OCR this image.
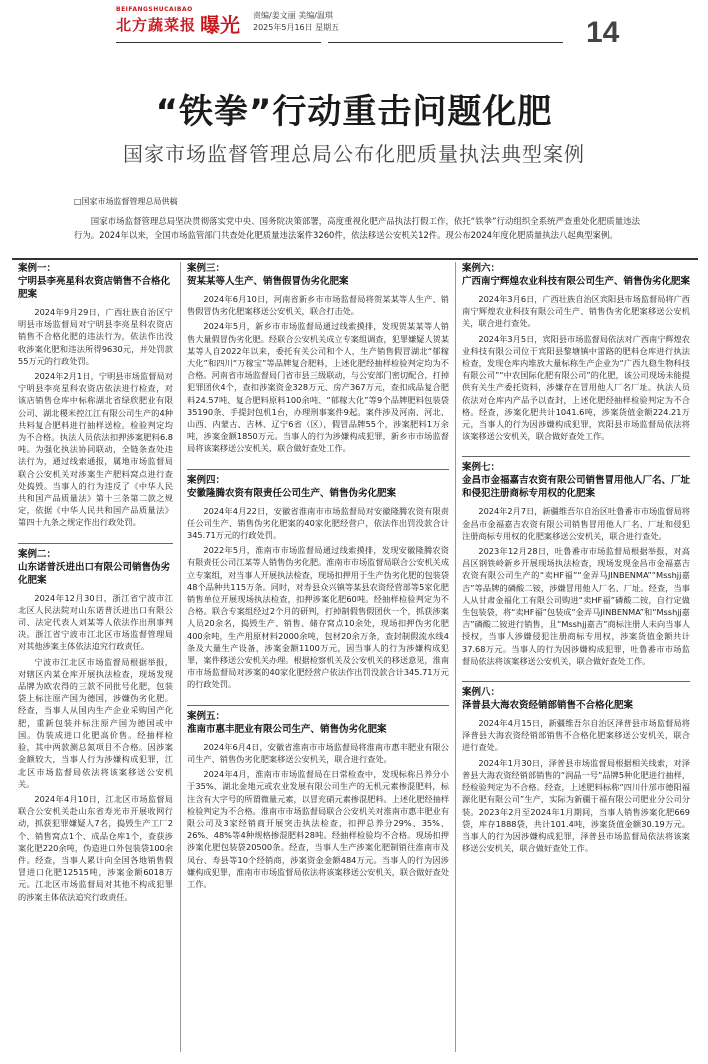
BEIFANGSHUCAIBAO
北方蔬菜报 曝光 责编/姜文丽 美编/温琪
2025年5月16日 星期五	14
“铁拳”行动重击问题化肥
国家市场监督管理总局公布化肥质量执法典型案例
□国家市场监督管理总局供稿
国家市场监督管理总局坚决贯彻落实党中央、国务院决策部署，高度重视化肥产品执法打假工作，依托“铁拳”行动组织全系统严查重处化肥质量违法行为。2024年以来，全国市场监管部门共查处化肥质量违法案件3260件，依法移送公安机关12件。现公布2024年度化肥质量执法八起典型案例。
案例一：
宁明县李亮星科农资店销售不合格化肥案

2024年9月29日，广西壮族自治区宁明县市场监督局对宁明县李亮星科农资店销售不合格化肥的违法行为，依法作出没收涉案化肥和违法所得9630元，并处罚款55万元的行政处罚。

2024年2月1日，宁明县市场监督局对宁明县李亮星科农资店依法进行检查，对该店销售仓库中标称湖北省绿欣肥业有限公司、湖北稷米控江江有限公司生产的4种共料复合肥料进行抽样送检。检验判定均为不合格。执法人员依法扣押涉案肥料6.8吨。为强化执法协同联动，全链条查处违法行为，通过线索通报，属地市场监督局联合公安机关对涉案生产肥料窝点进行查处捣毁。当事人的行为违反了《中华人民共和国产品质量法》第十三条第二款之规定，依据《中华人民共和国产品质量法》第四十九条之规定作出行政处罚。

案例二：
山东诺普沃进出口有限公司销售伪劣化肥案

2024年12月30日，浙江省宁波市江北区人民法院对山东诺普沃进出口有限公司、法定代表人刘某等人依法作出刑事判决。浙江省宁波市江北区市场监督管理局对其他涉案主体依法追究行政责任。

宁波市江北区市场监督局根据举报，对辖区内某仓库开展执法检查，现场发现品牌为欧农得的三款不同批号化肥，包装袋上标注原产国为德国，涉嫌伪劣化肥。经查，当事人从国内生产企业采购国产化肥，重新包装并标注原产国为德国或中国。伪装成进口化肥高价售。经抽样检验，其中两款测总氮项目不合格。因涉案金额较大，当事人行为涉嫌构成犯罪，江北区市场监督局依法将该案移送公安机关。

2024年4月10日，江北区市场监督局联合公安机关赴山东省寿光市开展收网行动，抓获犯罪嫌疑人7名，捣毁生产工厂2个、销售窝点1个、成品仓库1个，查获涉案化肥220余吨，伪造进口外包装袋100余件。经查，当事人累计向全国各地销售假冒进口化肥12515吨，涉案金额6018万元。江北区市场监督局对其他不构成犯罪的涉案主体依法追究行政责任。

案例三：
贺某某等人生产、销售假冒伪劣化肥案

2024年6月10日，河南省新乡市市场监督局将贺某某等人生产、销售假冒伪劣化肥案移送公安机关，联合打击处。

2024年5月，新乡市市场监督局通过线索摸排，发现贺某某等人销售大量假冒伪劣化肥。经联合公安机关成立专案组调查，犯罪嫌疑人贺某某等人自2022年以来，委托有关公司和个人，生产销售假冒湖北“郁稼大化”和四川“万稼宝”等品牌复合肥料，上述化肥经抽样检验判定均为不合格。河南省市场监督局门省市县三级联动，与公安部门密切配合，打掉犯罪团伙4个，查扣涉案资金328万元、房产367万元，查扣成品复合肥料24.57吨、复合肥料原料100余吨、“郁稼大化”等9个品牌肥料包装袋35190条、手提封包机1台，办理刑事案件9起。案件涉及河南、河北、山西、内蒙古、吉林、辽宁6省（区），假冒品牌55个，涉案肥料1万余吨，涉案金额1850万元。当事人的行为涉嫌构成犯罪，新乡市市场监督局将该案移送公安机关，联合做好查处工作。

案例四：
安徽隆腾农资有限责任公司生产、销售伪劣化肥案

2024年4月22日，安徽省淮南市市场监督局对安徽隆腾农资有限责任公司生产、销售伪劣化肥案的40家化肥经营户，依法作出罚没款合计345.71万元的行政处罚。

2022年5月，淮南市市场监督局通过线索摸排，发现安徽隆腾农资有限责任公司江某等人销售伪劣化肥。淮南市市场监督局联合公安机关成立专案组，对当事人开展执法检查，现场扣押用于生产伪劣化肥的包装袋48个品种共115万条。同时，对寿县众兴镇等某县农资经营部等5家化肥销售单位开展现场执法检查，扣押涉案化肥60吨。经抽样检验判定为不合格。联合专案组经过2个月的研判，打掉制假售假团伙一个，抓获涉案人员20余名，捣毁生产、销售、储存窝点10余处，现场扣押伪劣化肥400余吨，生产用原材料2000余吨，包材20余万条，查封制假流水线4条及大量生产设备，涉案金额1100万元，因当事人的行为涉嫌构成犯罪，案件移送公安机关办理。根据检察机关及公安机关的移送意见，淮南市市场监督局对涉案的40家化肥经营户依法作出罚没款合计345.71万元的行政处罚。

案例五：
淮南市惠丰肥业有限公司生产、销售伪劣化肥案

2024年6月4日，安徽省淮南市市场监督局将淮南市惠丰肥业有限公司生产、销售伪劣化肥案移送公安机关，联合进行查处。

2024年4月，淮南市市场监督局在日常检查中，发现标称吕养分小于35%、湖北金地元或农业发展有限公司生产的无机元素掺混肥料，标注含有大字号的所谓微量元素，以冒充硝元素掺混肥料。上述化肥经抽样检验判定为不合格。淮南市市场监督局联合公安机关对淮南市惠丰肥业有限公司及3家经销商开展突击执法检查，扣押总养分29%、35%、26%、48%等4种规格掺混肥料28吨。经抽样检验均不合格。现场扣押涉案化肥包装袋20500条。经查，当事人生产涉案化肥制销往淮南市及凤台、寿县等10个经销商，涉案资金金额484万元。当事人的行为因涉嫌构成犯罪，淮南市市场监督局依法将该案移送公安机关，联合做好查处工作。

案例六：
广西南宁辉煌农业科技有限公司生产、销售伪劣化肥案

2024年3月6日，广西壮族自治区宾阳县市场监督局将广西南宁辉煌农业科技有限公司生产、销售伪劣化肥案移送公安机关，联合进行查处。

2024年3月5日，宾阳县市场监督局依法对广西南宁辉煌农业科技有限公司位于宾阳县黎塘镇中雷路的肥料仓库进行执法检查，发现仓库内堆放大量标称生产企业为“广西九稳生物科技有限公司”“中农国际化肥有限公司”的化肥，该公司现场未能提供有关生产委托资料，涉嫌存在冒用他人厂名厂址。执法人员依法对仓库内产品予以查封，上述化肥经抽样检验判定为不合格。经查，涉案化肥共计1041.6吨，涉案货值金额224.21万元，当事人的行为因涉嫌构成犯罪，宾阳县市场监督局依法将该案移送公安机关，联合做好查处工作。

案例七：
金昌市金福嘉吉农资有限公司销售冒用他人厂名、厂址和侵犯注册商标专用权的化肥案

2024年2月7日，新疆维吾尔自治区吐鲁番市市场监督局将金昌市金福嘉吉农资有限公司销售冒用他人厂名、厂址和侵犯注册商标专用权的化肥案移送公安机关，联合进行查处。

2023年12月28日，吐鲁番市市场监督局根据举报，对高昌区钢铁岭新乡开展现场执法检查，现场发现金昌市金福嘉吉农资有限公司生产的“卖HF福”“金弄马JINBENMA”“Msshjj嘉吉”等品牌的磷酸二铵，涉嫌冒用他人厂名、厂址。经查，当事人从甘肃金福化工有限公司购进“卖HF福”磷酸二铵，自行定做生包装袋，将“卖HF福”包装成“金弄马JINBENMA”和“Msshjj嘉吉”磷酸二铵进行销售，且“Msshjj嘉吉”商标注册人未向当事人授权，当事人涉嫌侵犯注册商标专用权，涉案货值金额共计37.68万元。当事人的行为因涉嫌构成犯罪，吐鲁番市市场监督局依法将该案移送公安机关，联合做好查处工作。

案例八：
泽普县大海农资经销部销售不合格化肥案

2024年4月15日，新疆维吾尔自治区泽普县市场监督局将泽普县大海农资经销部销售不合格化肥案移送公安机关，联合进行查处。

2024年1月30日，泽普县市场监督局根据相关线索，对泽普县大海农资经销部销售的“润晶一号”品牌5种化肥进行抽样，经检验判定为不合格。经查，上述肥料标称“四川什邡市德阳福源化肥有限公司”生产，实际为新疆于福有限公司肥业分公司分装。2023年2月至2024年1月期间，当事人销售涉案化肥669袋，库存1888袋，共计101.4吨，涉案货值金额30.19万元。当事人的行为因涉嫌构成犯罪，泽普县市场监督局依法将该案移送公安机关，联合做好查处工作。
